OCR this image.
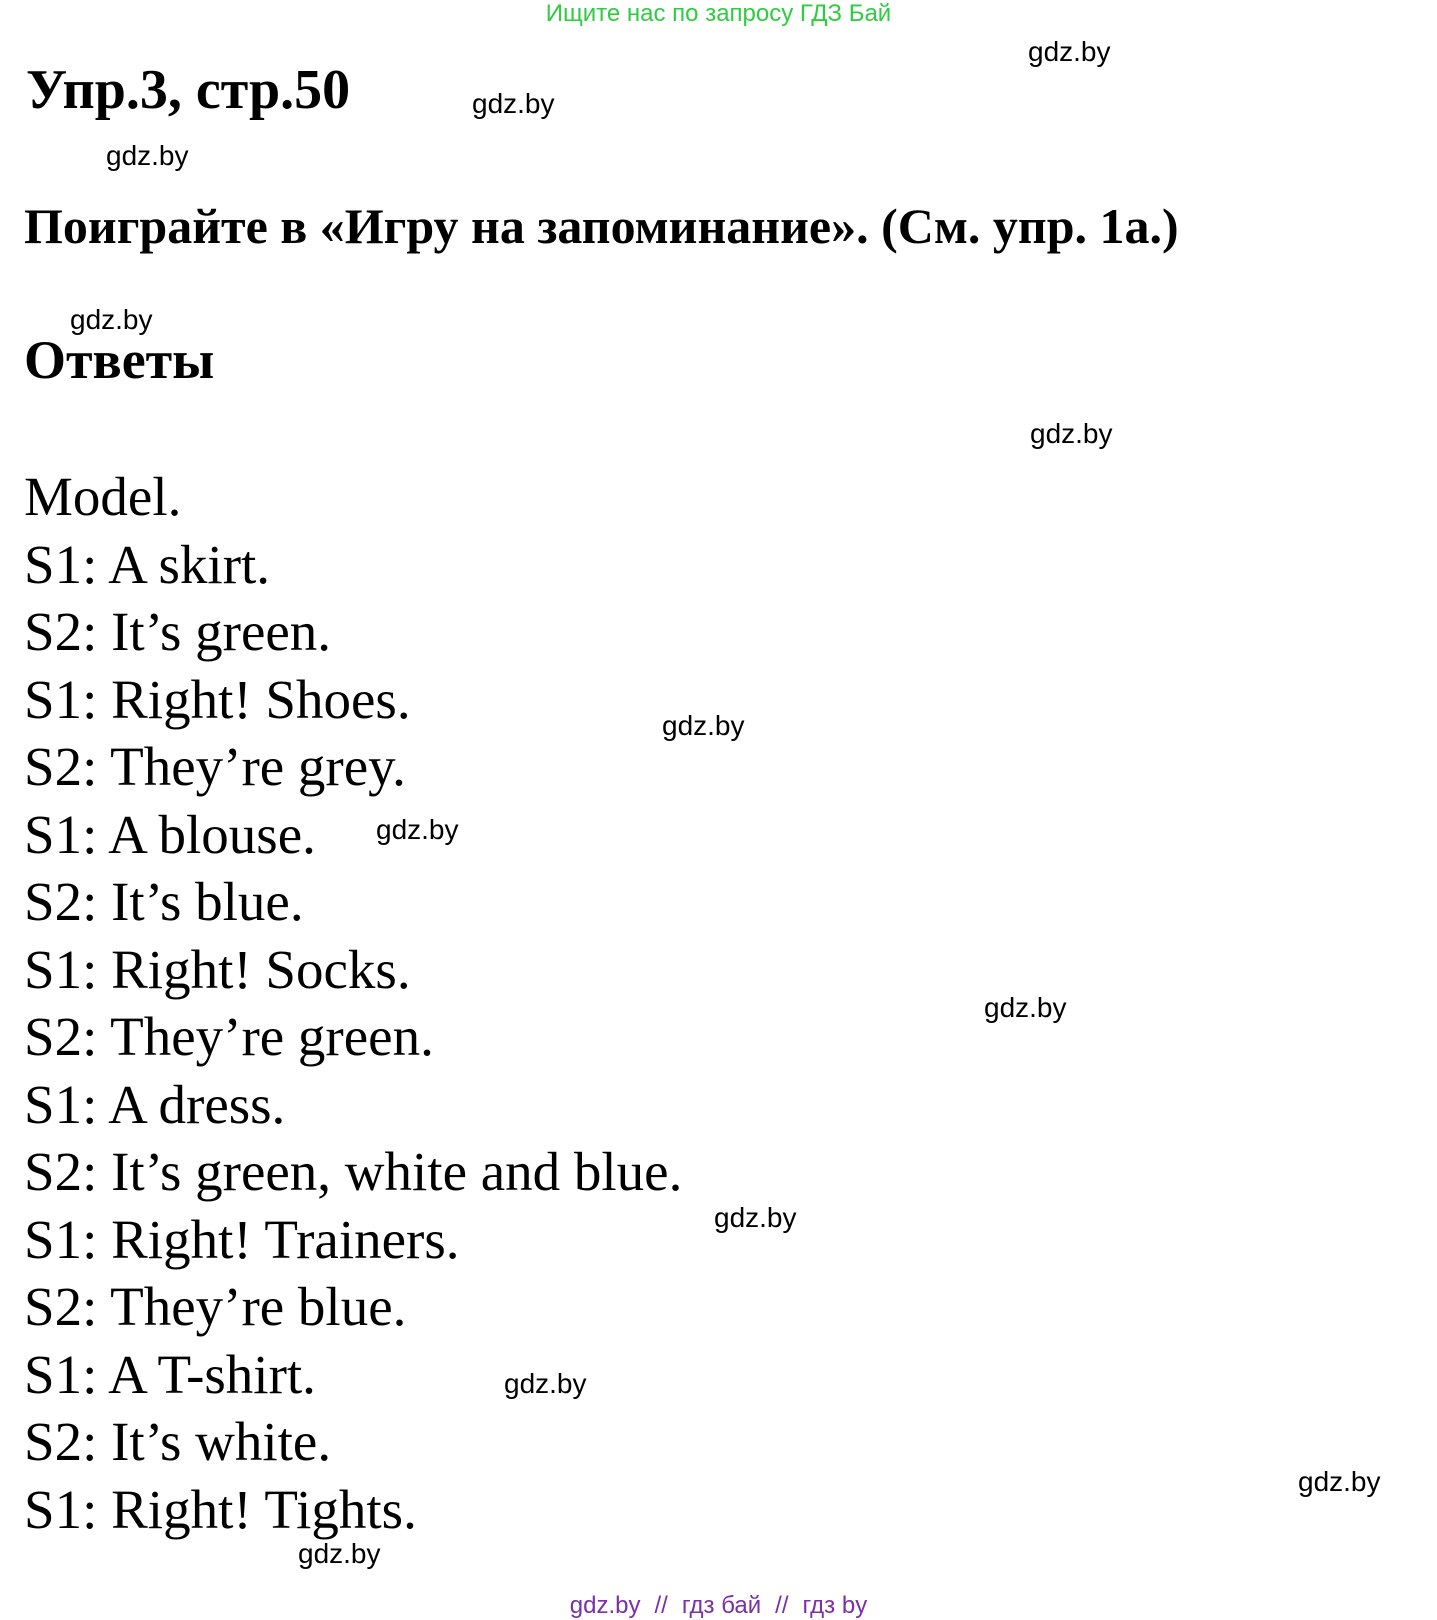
Ищите нас по запросу ГДЗ Бай
Упр.3, стр.50
Поиграйте в «Игру на запоминание». (См. упр. 1а.)
Ответы
Model.
S1: A skirt.
S2: It’s green.
S1: Right! Shoes.
S2: They’re grey.
S1: A blouse.
S2: It’s blue.
S1: Right! Socks.
S2: They’re green.
S1: A dress.
S2: It’s green, white and blue.
S1: Right! Trainers.
S2: They’re blue.
S1: A T-shirt.
S2: It’s white.
S1: Right! Tights.
gdz.by
gdz.by
gdz.by
gdz.by
gdz.by
gdz.by
gdz.by
gdz.by
gdz.by
gdz.by
gdz.by
gdz.by
gdz.by // гдз бай // гдз by
